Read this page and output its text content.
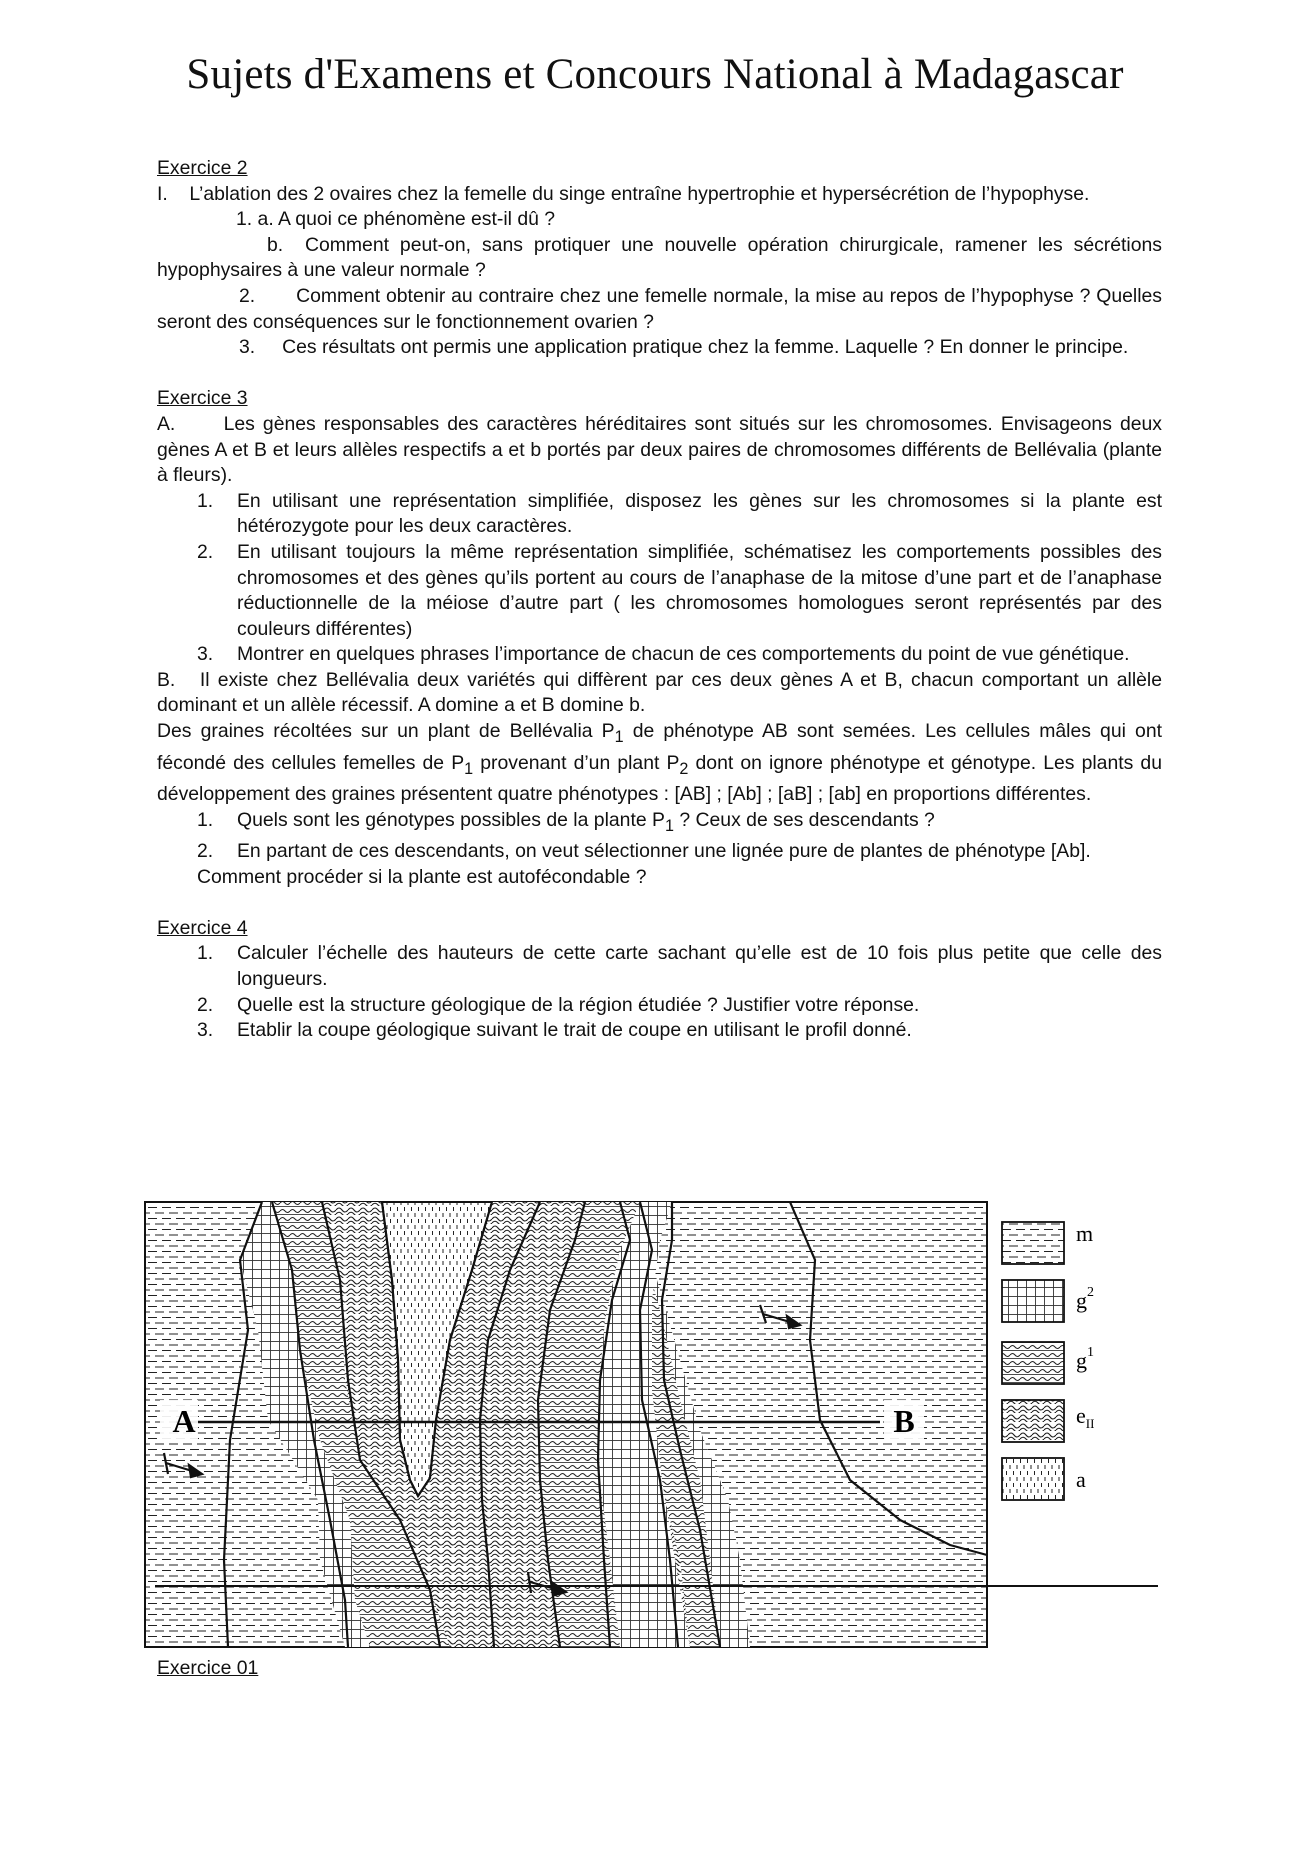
Sujets d'Examens et Concours National à Madagascar

Exercice 2

I. L’ablation des 2 ovaires chez la femelle du singe entraîne hypertrophie et hypersécrétion de l’hypophyse.

1. a. A quoi ce phénomène est-il dû ?

b.  Comment peut-on, sans protiquer une nouvelle opération chirurgicale, ramener les sécrétions hypophysaires à une valeur normale ?

2.       Comment obtenir au contraire chez une femelle normale, la mise au repos de l’hypophyse ? Quelles seront des conséquences sur le fonctionnement ovarien ?

3.     Ces résultats ont permis une application pratique chez la femme. Laquelle ? En donner le principe.

Exercice 3

A.      Les gènes responsables des caractères héréditaires sont situés sur les chromosomes. Envisageons deux gènes A et B et leurs allèles respectifs a et b portés par deux paires de chromosomes différents de Bellévalia (plante à fleurs).

1.	En utilisant une représentation simplifiée, disposez les gènes sur les chromosomes si la plante est hétérozygote pour les deux caractères.
2.	En utilisant toujours la même représentation simplifiée, schématisez les comportements possibles des chromosomes et des gènes qu’ils portent au cours de l’anaphase de la mitose d’une part et de l’anaphase réductionnelle de la méiose d’autre part ( les chromosomes homologues seront représentés par des couleurs différentes)
3.	Montrer en quelques phrases l’importance de chacun de ces comportements du point de vue génétique.

B.   Il existe chez Bellévalia deux variétés qui diffèrent par ces deux gènes A et B, chacun comportant un allèle dominant et un allèle récessif. A domine a et B domine b.

Des graines récoltées sur un plant de Bellévalia $P_1$ de phénotype AB sont semées. Les cellules mâles qui ont fécondé des cellules femelles de $P_1$ provenant d’un plant $P_2$ dont on ignore phénotype et génotype. Les plants du développement des graines présentent quatre phénotypes : [AB] ; [Ab] ; [aB] ; [ab] en proportions différentes.

1.	Quels sont les génotypes possibles de la plante $P_1$ ? Ceux de ses descendants ?
2.	En partant de ces descendants, on veut sélectionner une lignée pure de plantes de phénotype [Ab].

Comment procéder si la plante est autofécondable ?

Exercice 4

1.	Calculer l’échelle des hauteurs de cette carte sachant qu’elle est de 10 fois plus petite que celle des longueurs.
2.	Quelle est la structure géologique de la région étudiée ? Justifier votre réponse.
3.	Etablir la coupe géologique suivant le trait de coupe en utilisant le profil donné.
A	B
m
$g^2$
$g^1$
$e_{II}$
a
Exercice 01
